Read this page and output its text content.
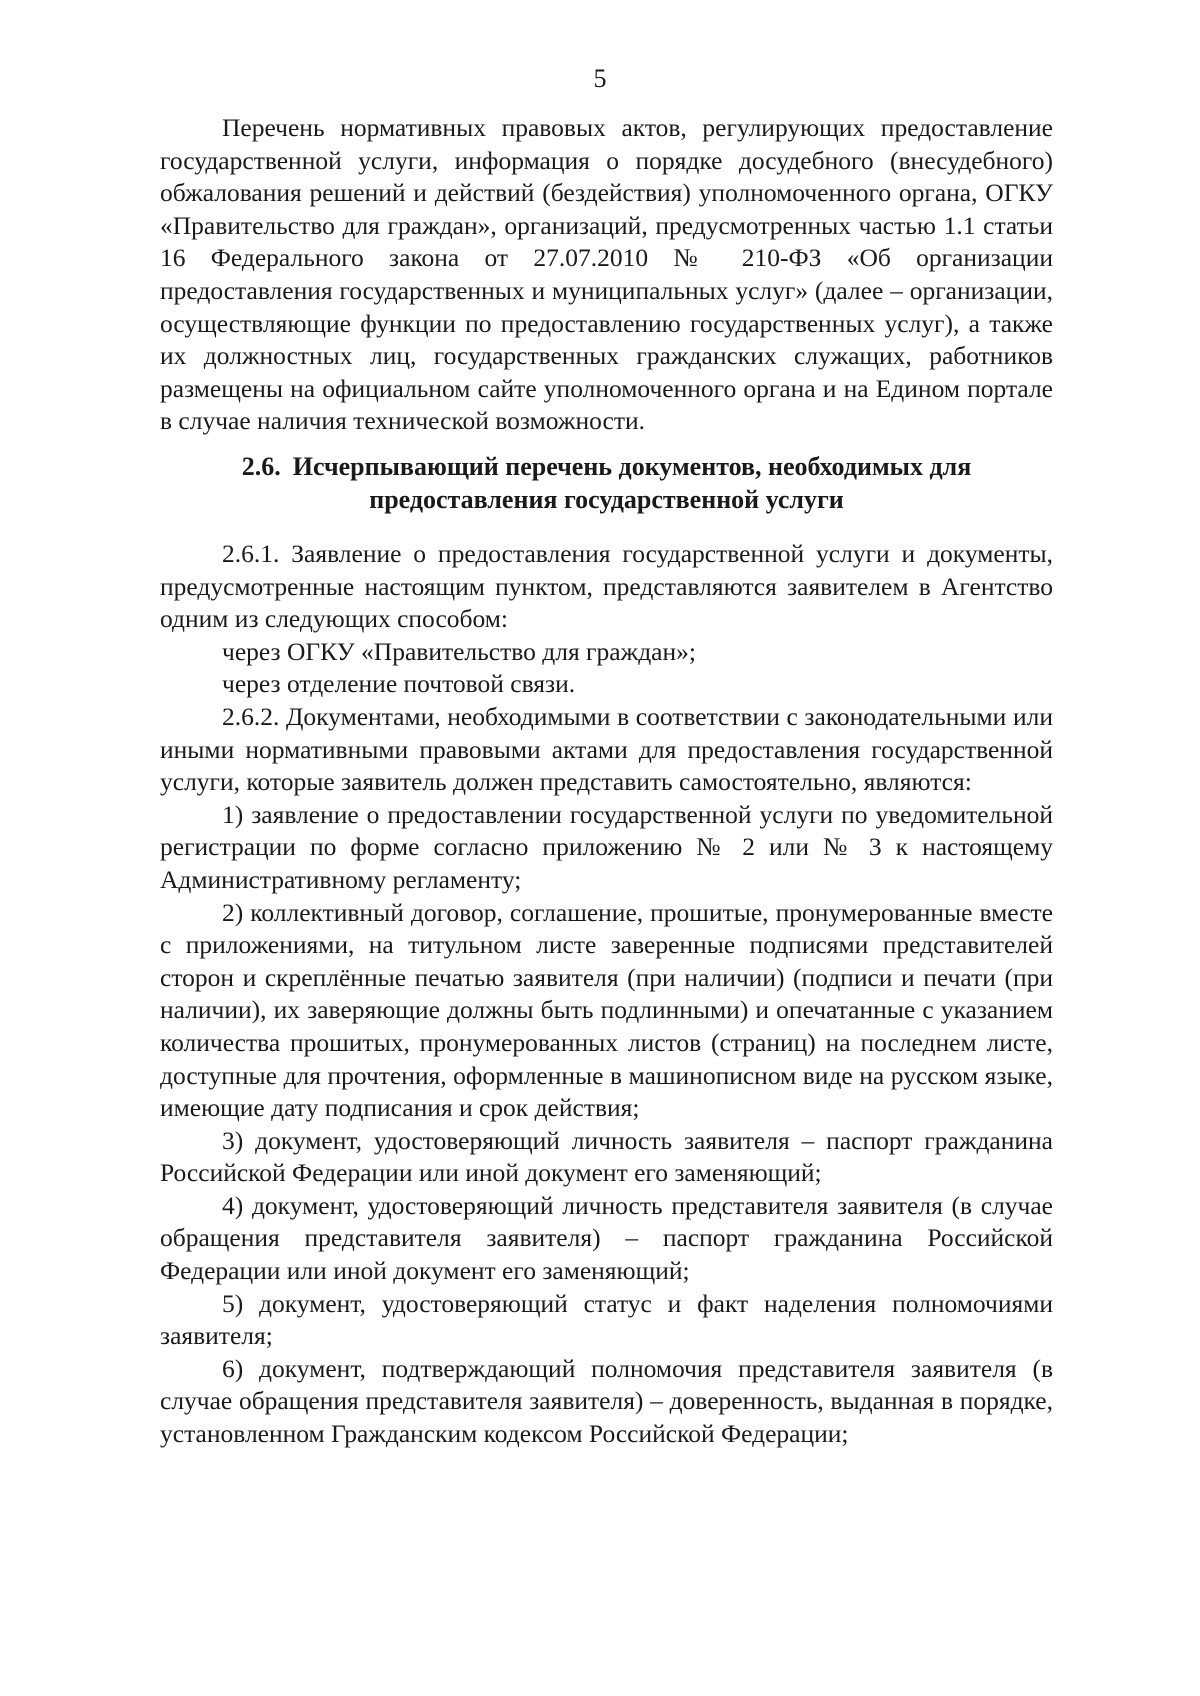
5

Перечень нормативных правовых актов, регулирующих предоставление государственной услуги, информация о порядке досудебного (внесудебного) обжалования решений и действий (бездействия) уполномоченного органа, ОГКУ «Правительство для граждан», организаций, предусмотренных частью 1.1 статьи 16 Федерального закона от 27.07.2010 № 210-ФЗ «Об организации предоставления государственных и муниципальных услуг» (далее – организации, осуществляющие функции по предоставлению государственных услуг), а также их должностных лиц, государственных гражданских служащих, работников размещены на официальном сайте уполномоченного органа и на Едином портале в случае наличия технической возможности.

2.6. Исчерпывающий перечень документов, необходимых для
предоставления государственной услуги

2.6.1. Заявление о предоставления государственной услуги и документы, предусмотренные настоящим пунктом, представляются заявителем в Агентство одним из следующих способом:

через ОГКУ «Правительство для граждан»;

через отделение почтовой связи.

2.6.2. Документами, необходимыми в соответствии с законодательными или иными нормативными правовыми актами для предоставления государственной услуги, которые заявитель должен представить самостоятельно, являются:

1) заявление о предоставлении государственной услуги по уведомительной регистрации по форме согласно приложению № 2 или № 3 к настоящему Административному регламенту;

2) коллективный договор, соглашение, прошитые, пронумерованные вместе с приложениями, на титульном листе заверенные подписями представителей сторон и скреплённые печатью заявителя (при наличии) (подписи и печати (при наличии), их заверяющие должны быть подлинными) и опечатанные с указанием количества прошитых, пронумерованных листов (страниц) на последнем листе, доступные для прочтения, оформленные в машинописном виде на русском языке, имеющие дату подписания и срок действия;

3) документ, удостоверяющий личность заявителя – паспорт гражданина Российской Федерации или иной документ его заменяющий;

4) документ, удостоверяющий личность представителя заявителя (в случае обращения представителя заявителя) – паспорт гражданина Российской Федерации или иной документ его заменяющий;

5) документ, удостоверяющий статус и факт наделения полномочиями заявителя;

6) документ, подтверждающий полномочия представителя заявителя (в случае обращения представителя заявителя) – доверенность, выданная в порядке, установленном Гражданским кодексом Российской Федерации;
